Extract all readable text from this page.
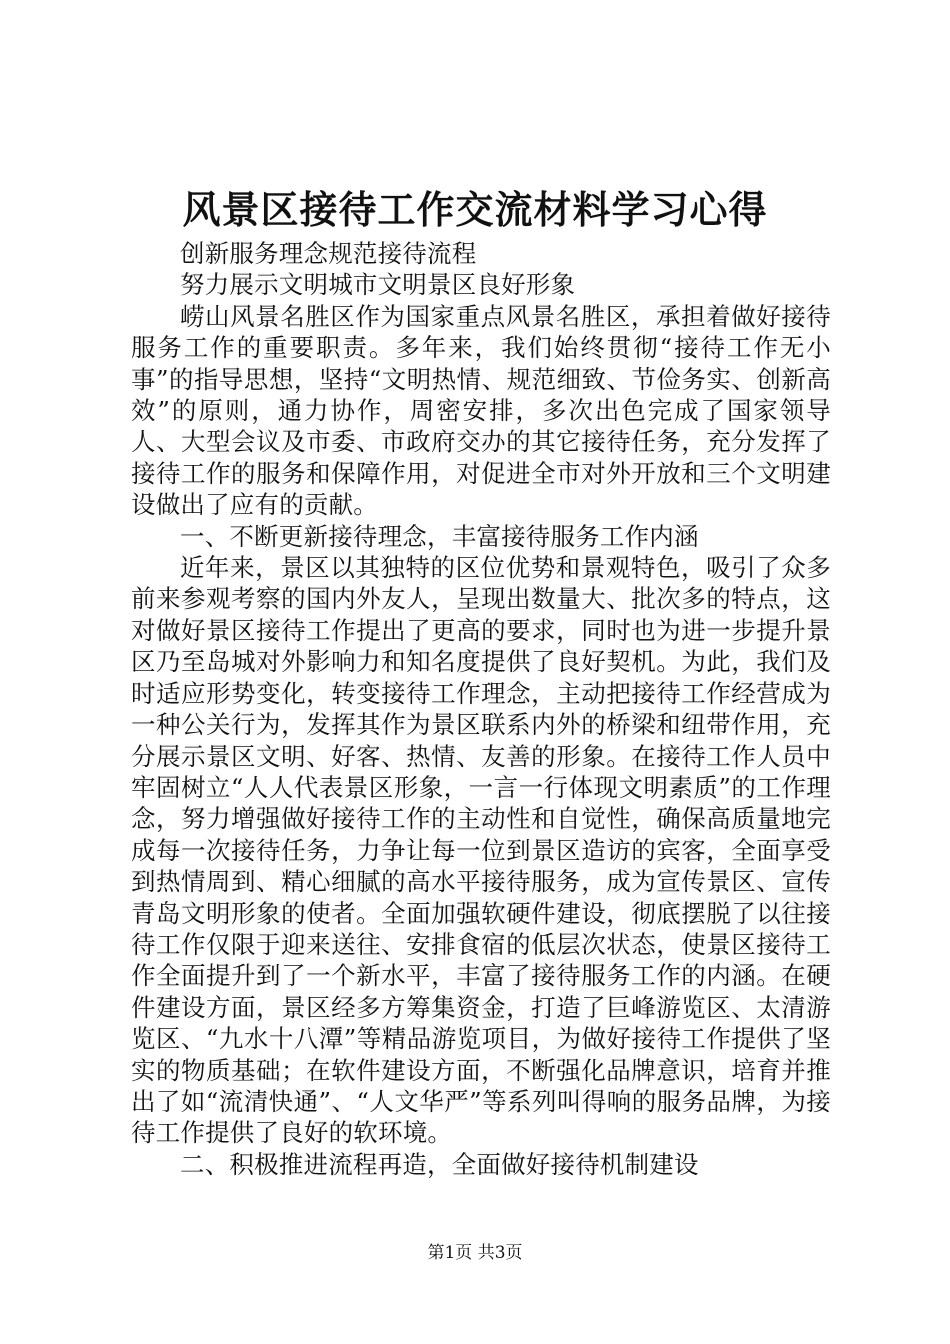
风景区接待工作交流材料学习心得

创新服务理念规范接待流程

努力展示文明城市文明景区良好形象

崂山风景名胜区作为国家重点风景名胜区，承担着做好接待服务工作的重要职责。多年来，我们始终贯彻“接待工作无小事”的指导思想，坚持“文明热情、规范细致、节俭务实、创新高效”的原则，通力协作，周密安排，多次出色完成了国家领导人、大型会议及市委、市政府交办的其它接待任务，充分发挥了接待工作的服务和保障作用，对促进全市对外开放和三个文明建设做出了应有的贡献。

一、不断更新接待理念，丰富接待服务工作内涵

近年来，景区以其独特的区位优势和景观特色，吸引了众多前来参观考察的国内外友人，呈现出数量大、批次多的特点，这对做好景区接待工作提出了更高的要求，同时也为进一步提升景区乃至岛城对外影响力和知名度提供了良好契机。为此，我们及时适应形势变化，转变接待工作理念，主动把接待工作经营成为一种公关行为，发挥其作为景区联系内外的桥梁和纽带作用，充分展示景区文明、好客、热情、友善的形象。在接待工作人员中牢固树立“人人代表景区形象，一言一行体现文明素质”的工作理念，努力增强做好接待工作的主动性和自觉性，确保高质量地完成每一次接待任务，力争让每一位到景区造访的宾客，全面享受到热情周到、精心细腻的高水平接待服务，成为宣传景区、宣传青岛文明形象的使者。全面加强软硬件建设，彻底摆脱了以往接待工作仅限于迎来送往、安排食宿的低层次状态，使景区接待工作全面提升到了一个新水平，丰富了接待服务工作的内涵。在硬件建设方面，景区经多方筹集资金，打造了巨峰游览区、太清游览区、“九水十八潭”等精品游览项目，为做好接待工作提供了坚实的物质基础；在软件建设方面，不断强化品牌意识，培育并推出了如“流清快通”、“人文华严”等系列叫得响的服务品牌，为接待工作提供了良好的软环境。

二、积极推进流程再造，全面做好接待机制建设

第1页 共3页
